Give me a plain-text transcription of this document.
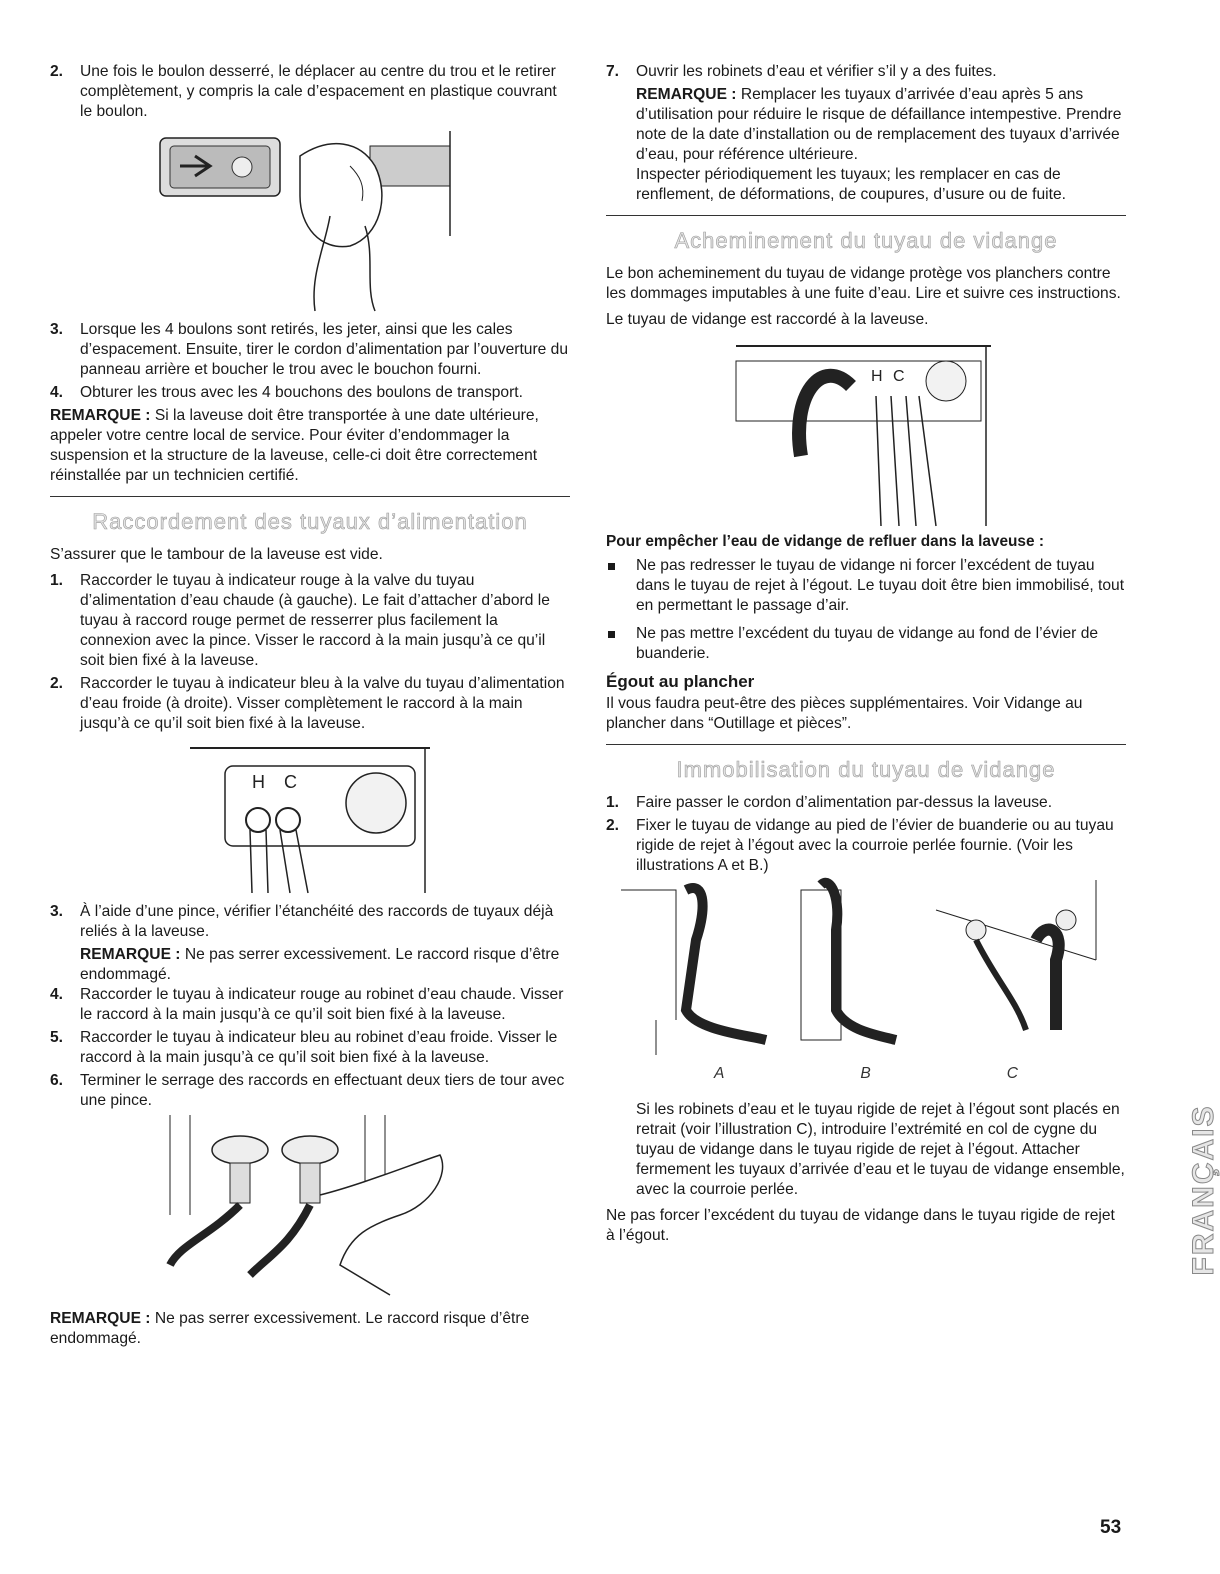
2.	Une fois le boulon desserré, le déplacer au centre du trou et le retirer complètement, y compris la cale d’espacement en plastique couvrant le boulon.
3.	Lorsque les 4 boulons sont retirés, les jeter, ainsi que les cales d’espacement. Ensuite, tirer le cordon d’alimentation par l’ouverture du panneau arrière et boucher le trou avec le bouchon fourni.
4.	Obturer les trous avec les 4 bouchons des boulons de transport.

REMARQUE : Si la laveuse doit être transportée à une date ultérieure, appeler votre centre local de service. Pour éviter d’endommager la suspension et la structure de la laveuse, celle-ci doit être correctement réinstallée par un technicien certifié.

Raccordement des tuyaux d’alimentation

S’assurer que le tambour de la laveuse est vide.

1.	Raccorder le tuyau à indicateur rouge à la valve du tuyau d’alimentation d’eau chaude (à gauche). Le fait d’attacher d’abord le tuyau à raccord rouge permet de resserrer plus facilement la connexion avec la pince. Visser le raccord à la main jusqu’à ce qu’il soit bien fixé à la laveuse.
2.	Raccorder le tuyau à indicateur bleu à la valve du tuyau d’alimentation d’eau froide (à droite). Visser complètement le raccord à la main jusqu’à ce qu’il soit bien fixé à la laveuse.
H C
3.	À l’aide d’une pince, vérifier l’étanchéité des raccords de tuyaux déjà reliés à la laveuse.

REMARQUE : Ne pas serrer excessivement. Le raccord risque d’être endommagé.

4.	Raccorder le tuyau à indicateur rouge au robinet d’eau chaude. Visser le raccord à la main jusqu’à ce qu’il soit bien fixé à la laveuse.
5.	Raccorder le tuyau à indicateur bleu au robinet d’eau froide. Visser le raccord à la main jusqu’à ce qu’il soit bien fixé à la laveuse.
6.	Terminer le serrage des raccords en effectuant deux tiers de tour avec une pince.

REMARQUE : Ne pas serrer excessivement. Le raccord risque d’être endommagé.

7.	Ouvrir les robinets d’eau et vérifier s’il y a des fuites.

REMARQUE : Remplacer les tuyaux d’arrivée d’eau après 5 ans d’utilisation pour réduire le risque de défaillance intempestive. Prendre note de la date d’installation ou de remplacement des tuyaux d’arrivée d’eau, pour référence ultérieure.

Inspecter périodiquement les tuyaux; les remplacer en cas de renflement, de déformations, de coupures, d’usure ou de fuite.

Acheminement du tuyau de vidange

Le bon acheminement du tuyau de vidange protège vos planchers contre les dommages imputables à une fuite d’eau. Lire et suivre ces instructions.

Le tuyau de vidange est raccordé à la laveuse.

H C
Pour empêcher l’eau de vidange de refluer dans la laveuse :
Ne pas redresser le tuyau de vidange ni forcer l’excédent de tuyau dans le tuyau de rejet à l’égout. Le tuyau doit être bien immobilisé, tout en permettant le passage d’air.
Ne pas mettre l’excédent du tuyau de vidange au fond de l’évier de buanderie.
Égout au plancher

Il vous faudra peut-être des pièces supplémentaires. Voir Vidange au plancher dans “Outillage et pièces”.

Immobilisation du tuyau de vidange
1.	Faire passer le cordon d’alimentation par-dessus la laveuse.
2.	Fixer le tuyau de vidange au pied de l’évier de buanderie ou au tuyau rigide de rejet à l’égout avec la courroie perlée fournie. (Voir les illustrations A et B.)
A	B	C

Si les robinets d’eau et le tuyau rigide de rejet à l’égout sont placés en retrait (voir l’illustration C), introduire l’extrémité en col de cygne du tuyau de vidange dans le tuyau rigide de rejet à l’égout. Attacher fermement les tuyaux d’arrivée d’eau et le tuyau de vidange ensemble, avec la courroie perlée.

Ne pas forcer l’excédent du tuyau de vidange dans le tuyau rigide de rejet à l’égout.	FRANÇAIS
53
